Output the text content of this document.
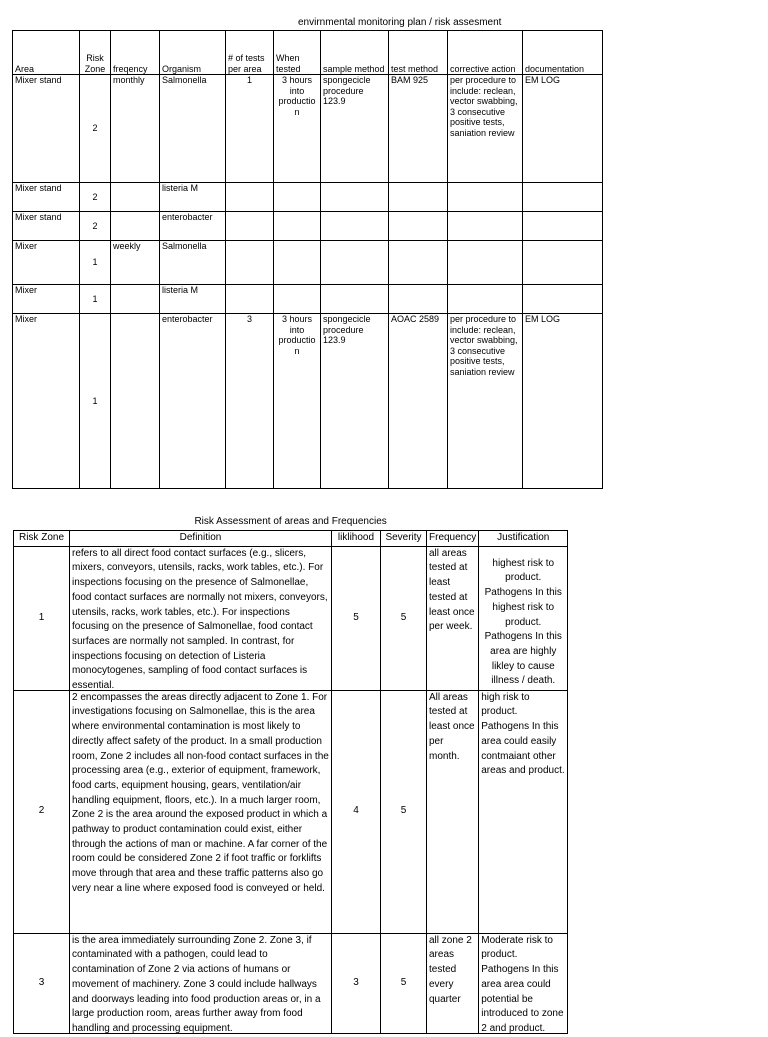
envirnmental monitoring plan / risk assesment
Area	Risk Zone	freqency	Organism	# of tests per area	When tested	sample method	test method	corrective action	documentation
Mixer stand	2	monthly	Salmonella	1	3 hours into productio n	spongecicle procedure 123.9	BAM 925	per procedure to include: reclean, vector swabbing, 3 consecutive positive tests, saniation review	EM LOG
Mixer stand	2		listeria M						
Mixer stand	2		enterobacter						
Mixer	1	weekly	Salmonella						
Mixer	1		listeria M						
Mixer	1		enterobacter	3	3 hours into productio n	spongecicle procedure 123.9	AOAC 2589	per procedure to include: reclean, vector swabbing, 3 consecutive positive tests, saniation review	EM LOG
Risk Assessment of areas and Frequencies					
Risk Zone	Definition	liklihood	Severity	Frequency	Justification
1	refers to all direct food contact surfaces (e.g., slicers, mixers, conveyors, utensils, racks, work tables, etc.). For inspections focusing on the presence of Salmonellae, food contact surfaces are normally not mixers, conveyors, utensils, racks, work tables, etc.). For inspections focusing on the presence of Salmonellae, food contact surfaces are normally not sampled. In contrast, for inspections focusing on detection of Listeria monocytogenes, sampling of food contact surfaces is essential.	5	5	all areas tested at least tested at least once per week.	highest risk to product. Pathogens In this highest risk to product. Pathogens In this area are highly likley to cause illness / death.

2	2 encompasses the areas directly adjacent to Zone 1. For investigations focusing on Salmonellae, this is the area where environmental contamination is most likely to directly affect safety of the product. In a small production room, Zone 2 includes all non-food contact surfaces in the processing area (e.g., exterior of equipment, framework, food carts, equipment housing, gears, ventilation/air handling equipment, floors, etc.). In a much larger room, Zone 2 is the area around the exposed product in which a pathway to product contamination could exist, either through the actions of man or machine. A far corner of the room could be considered Zone 2 if foot traffic or forklifts move through that area and these traffic patterns also go very near a line where exposed food is conveyed or held.	4	5	All areas tested at least once per month.	high risk to product. Pathogens In this area could easily contmaiant other areas and product.

3	is the area immediately surrounding Zone 2. Zone 3, if contaminated with a pathogen, could lead to contamination of Zone 2 via actions of humans or movement of machinery. Zone 3 could include hallways and doorways leading into food production areas or, in a large production room, areas further away from food handling and processing equipment.	3	5	all zone 2 areas tested every quarter	Moderate risk to product. Pathogens In this area area could potential be introduced to zone 2 and product.
